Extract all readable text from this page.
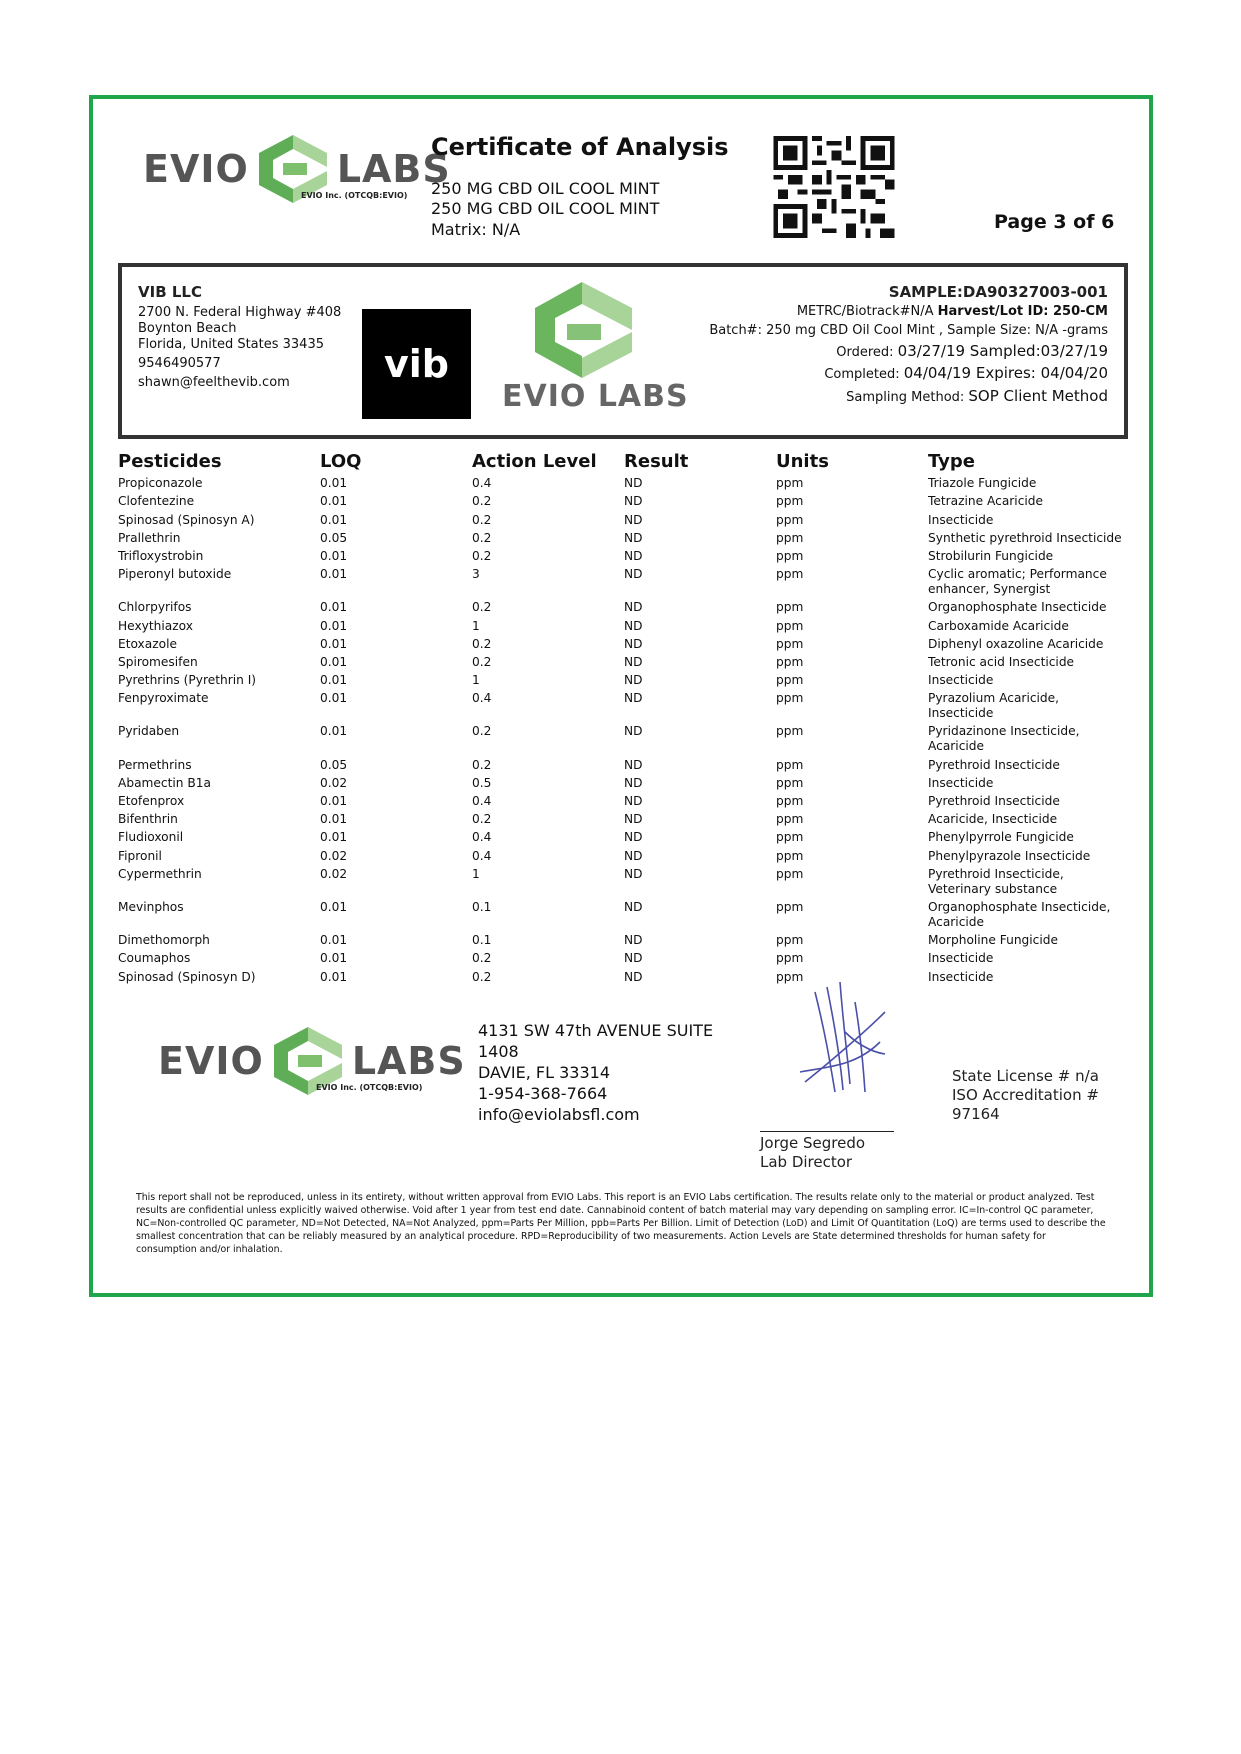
EVIO LABS
EVIO Inc. (OTCQB:EVIO)
Certificate of Analysis
250 MG CBD OIL COOL MINT
250 MG CBD OIL COOL MINT
Matrix: N/A	Page 3 of 6
VIB LLC
2700 N. Federal Highway #408
Boynton Beach
Florida, United States 33435
9546490577
shawn@feelthevib.com vib
EVIO LABS
SAMPLE:DA90327003-001
METRC/Biotrack#N/A Harvest/Lot ID: 250-CM
Batch#: 250 mg CBD Oil Cool Mint , Sample Size: N/A -grams
Ordered: 03/27/19 Sampled:03/27/19
Completed: 04/04/19 Expires: 04/04/20
Sampling Method: SOP Client Method
Pesticides	LOQ	Action Level	Result	Units	Type
Propiconazole	0.01	0.4	ND	ppm	Triazole Fungicide
Clofentezine	0.01	0.2	ND	ppm	Tetrazine Acaricide
Spinosad (Spinosyn A)	0.01	0.2	ND	ppm	Insecticide
Prallethrin	0.05	0.2	ND	ppm	Synthetic pyrethroid Insecticide
Trifloxystrobin	0.01	0.2	ND	ppm	Strobilurin Fungicide
Piperonyl butoxide	0.01	3	ND	ppm	Cyclic aromatic; Performance enhancer, Synergist
Chlorpyrifos	0.01	0.2	ND	ppm	Organophosphate Insecticide
Hexythiazox	0.01	1	ND	ppm	Carboxamide Acaricide
Etoxazole	0.01	0.2	ND	ppm	Diphenyl oxazoline Acaricide
Spiromesifen	0.01	0.2	ND	ppm	Tetronic acid Insecticide
Pyrethrins (Pyrethrin I)	0.01	1	ND	ppm	Insecticide
Fenpyroximate	0.01	0.4	ND	ppm	Pyrazolium Acaricide, Insecticide
Pyridaben	0.01	0.2	ND	ppm	Pyridazinone Insecticide, Acaricide
Permethrins	0.05	0.2	ND	ppm	Pyrethroid Insecticide
Abamectin B1a	0.02	0.5	ND	ppm	Insecticide
Etofenprox	0.01	0.4	ND	ppm	Pyrethroid Insecticide
Bifenthrin	0.01	0.2	ND	ppm	Acaricide, Insecticide
Fludioxonil	0.01	0.4	ND	ppm	Phenylpyrrole Fungicide
Fipronil	0.02	0.4	ND	ppm	Phenylpyrazole Insecticide
Cypermethrin	0.02	1	ND	ppm	Pyrethroid Insecticide, Veterinary substance
Mevinphos	0.01	0.1	ND	ppm	Organophosphate Insecticide, Acaricide
Dimethomorph	0.01	0.1	ND	ppm	Morpholine Fungicide
Coumaphos	0.01	0.2	ND	ppm	Insecticide
Spinosad (Spinosyn D)	0.01	0.2	ND	ppm	Insecticide
EVIO LABS
EVIO Inc. (OTCQB:EVIO)
4131 SW 47th AVENUE SUITE
1408
DAVIE, FL 33314
1-954-368-7664
info@eviolabsfl.com
Jorge Segredo
Lab Director
State License # n/a
ISO Accreditation #
97164
This report shall not be reproduced, unless in its entirety, without written approval from EVIO Labs. This report is an EVIO Labs certification. The results relate only to the material or product analyzed. Test results are confidential unless explicitly waived otherwise. Void after 1 year from test end date. Cannabinoid content of batch material may vary depending on sampling error. IC=In-control QC parameter, NC=Non-controlled QC parameter, ND=Not Detected, NA=Not Analyzed, ppm=Parts Per Million, ppb=Parts Per Billion. Limit of Detection (LoD) and Limit Of Quantitation (LoQ) are terms used to describe the smallest concentration that can be reliably measured by an analytical procedure. RPD=Reproducibility of two measurements. Action Levels are State determined thresholds for human safety for consumption and/or inhalation.
